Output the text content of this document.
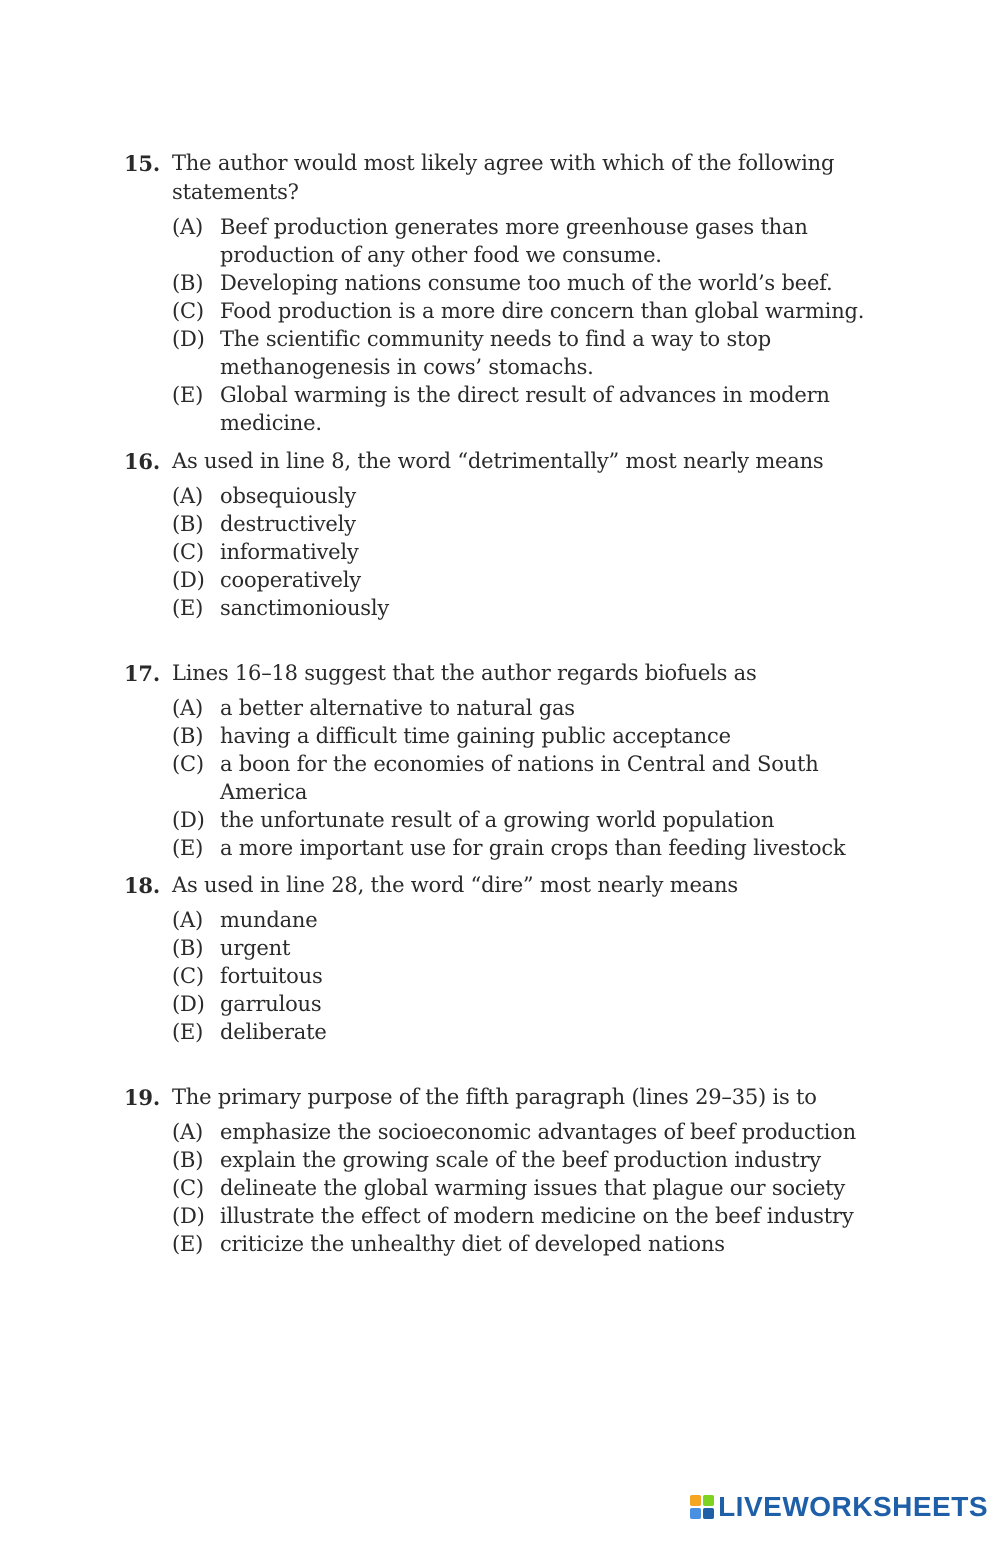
15. The author would most likely agree with which of the following statements?
(A) Beef production generates more greenhouse gases than production of any other food we consume.
(B) Developing nations consume too much of the world’s beef.
(C) Food production is a more dire concern than global warming.
(D) The scientific community needs to find a way to stop methanogenesis in cows’ stomachs.
(E) Global warming is the direct result of advances in modern medicine.
16. As used in line 8, the word “detrimentally” most nearly means
(A) obsequiously
(B) destructively
(C) informatively
(D) cooperatively
(E) sanctimoniously
17. Lines 16–18 suggest that the author regards biofuels as
(A) a better alternative to natural gas
(B) having a difficult time gaining public acceptance
(C) a boon for the economies of nations in Central and South America
(D) the unfortunate result of a growing world population
(E) a more important use for grain crops than feeding livestock
18. As used in line 28, the word “dire” most nearly means
(A) mundane
(B) urgent
(C) fortuitous
(D) garrulous
(E) deliberate
19. The primary purpose of the fifth paragraph (lines 29–35) is to
(A) emphasize the socioeconomic advantages of beef production
(B) explain the growing scale of the beef production industry
(C) delineate the global warming issues that plague our society
(D) illustrate the effect of modern medicine on the beef industry
(E) criticize the unhealthy diet of developed nations
LIVEWORKSHEETS
